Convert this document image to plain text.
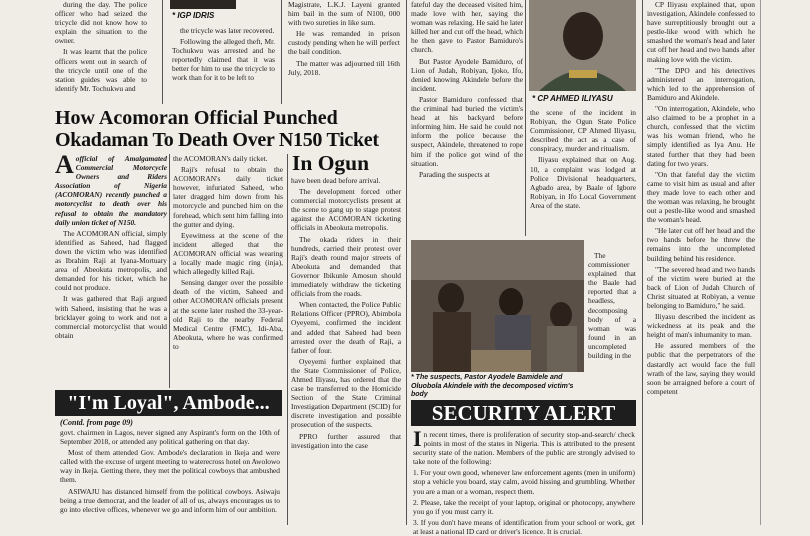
during the day. The police officer who had seized the tricycle did not know how to explain the situation to the owner.
It was learnt that the police officers went out in search of the tricycle until one of the station guides was able to identify Mr. Tochukwu and
* IGP IDRIS
the tricycle was later recovered.
Following the alleged theft, Mr. Tochukwu was arrested and he reportedly claimed that it was better for him to use the tricycle to work than for it to be left to
Magistrate, L.K.J. Layeni granted him bail in the sum of N100, 000 with two sureties in like sum.
He was remanded in prison custody pending when he will perfect the bail condition.
The matter was adjourned till 16th July, 2018.
How Acomoran Official Punched
Okadaman To Death Over N150 Ticket
In Ogun
A official of Amalgamated Commercial Motorcycle Owners and Riders Association of Nigeria (ACOMORAN) recently punched a motorcyclist to death over his refusal to obtain the mandatory daily union ticket of N150.
The ACOMORAN official, simply identified as Saheed, had flagged down the victim who was identified as Ibrahim Raji at Iyana-Mortuary area of Abeokuta metropolis, and demanded for his ticket, which he could not produce.
It was gathered that Raji argued with Saheed, insisting that he was a bricklayer going to work and not a commercial motorcyclist that would obtain
the ACOMORAN's daily ticket.
Raji's refusal to obtain the ACOMORAN's daily ticket however, infuriated Saheed, who later dragged him down from his motorcycle and punched him on the forehead, which sent him falling into the gutter and dying.
Eyewitness at the scene of the incident alleged that the ACOMORAN official was wearing a locally made magic ring (inja), which allegedly killed Raji.
Sensing danger over the possible death of the victim, Saheed and other ACOMORAN officials present at the scene later rushed the 33-year-old Raji to the nearby Federal Medical Centre (FMC), Idi-Aba, Abeokuta, where he was confirmed to
have been dead before arrival.
The development forced other commercial motorcyclists present at the scene to gang up to stage protest against the ACOMORAN ticketing officials in Abeokuta metropolis.
The okada riders in their hundreds, carried their protest over Raji's death round major streets of Abeokuta and demanded that Governor Ibikunle Amosun should immediately withdraw the ticketing officials from the roads.
When contacted, the Police Public Relations Officer (PPRO), Abimbola Oyeyemi, confirmed the incident and added that Saheed had been arrested over the death of Raji, a father of four.
Oyeyemi further explained that the State Commissioner of Police, Ahmed Iliyasu, has ordered that the case be transferred to the Homicide Section of the State Criminal Investigation Department (SCID) for discrete investigation and possible prosecution of the suspects.
PPRO further assured that investigation into the case
"I'm Loyal", Ambode...
(Contd. from page 09)
govt. chairmen in Lagos, never signed any Aspirant's form on the 10th of September 2018, or attended any political gathering on that day.
Most of them attended Gov. Ambode's declaration in Ikeja and were called with the excuse of urgent meeting to waterecross hotel on Awolowo way in Ikeja. Getting there, they met the political cowboys that ambushed them.
ASIWAJU has distanced himself from the political cowboys. Asiwaju being a true democrat, and the leader of all of us, always encourages us to go into elective offices, whenever we go and inform him of our ambition.
fateful day the deceased visited him, made love with her, saying the woman was relaxing. He said he later killed her and cut off the head, which he then gave to Pastor Bamiduro's church.
But Pastor Ayodele Bamiduro, of Lion of Judah, Robiyan, Ijoko, Ifo, denied knowing Akindele before the incident.
Pastor Bamiduro confessed that the criminal had buried the victim's head at his backyard before informing him. He said he could not inform the police because the suspect, Akindele, threatened to rope him if the police got wind of the situation.
Parading the suspects at
* The suspects, Pastor Ayodele Bamidele and Oluobola Akindele with the decomposed victim's body
* CP AHMED ILIYASU
the scene of the incident in Robiyan, the Ogun State Police Commissioner, CP Ahmed Iliyasu, described the act as a case of conspiracy, murder and ritualism.
Iliyasu explained that on Aug. 10, a complaint was lodged at Police Divisional headquarters, Agbado area, by Baale of Igbore Robiyan, in Ifo Local Government Area of the state.
The commissioner explained that the Baale had reported that a headless, decomposing body of a woman was found in an uncompleted building in the
SECURITY ALERT
I n recent times, there is proliferation of security stop-and-search/ check points in most of the states in Nigeria. This is attributed to the present security state of the nation. Members of the public are strongly advised to take note of the following:
1. For your own good, whenever law enforcement agents (men in uniform) stop a vehicle you board, stay calm, avoid hissing and grumbling. Whether you are a man or a woman, respect them.
2. Please, take the receipt of your laptop, original or photocopy, anywhere you go if you must carry it.
3. If you don't have means of identification from your school or work, get at least a national ID card or driver's licence. It is crucial.
CP Iliyasu explained that, upon investigation, Akindele confessed to have surreptitiously brought out a pestle-like wood with which he smashed the woman's head and later cut off her head and two hands after making love with the victim.
"The DPO and his detectives administered an interrogation, which led to the apprehension of Bamiduro and Akindele.
"On interrogation, Akindele, who also claimed to be a prophet in a church, confessed that the victim was his woman friend, who he simply identified as Iya Anu. He stated further that they had been dating for two years.
"On that fateful day the victim came to visit him as usual and after they made love to each other and the woman was relaxing, he brought out a pestle-like wood and smashed the woman's head.
"He later cut off her head and the two hands before he threw the remains into the uncompleted building behind his residence.
"The severed head and two hands of the victim were buried at the back of Lion of Judah Church of Christ situated at Robiyan, a venue belonging to Bamiduro," he said.
Iliyasu described the incident as wickedness at its peak and the height of man's inhumanity to man.
He assured members of the public that the perpetrators of the dastardly act would face the full wrath of the law, saying they would soon be arraigned before a court of competent
